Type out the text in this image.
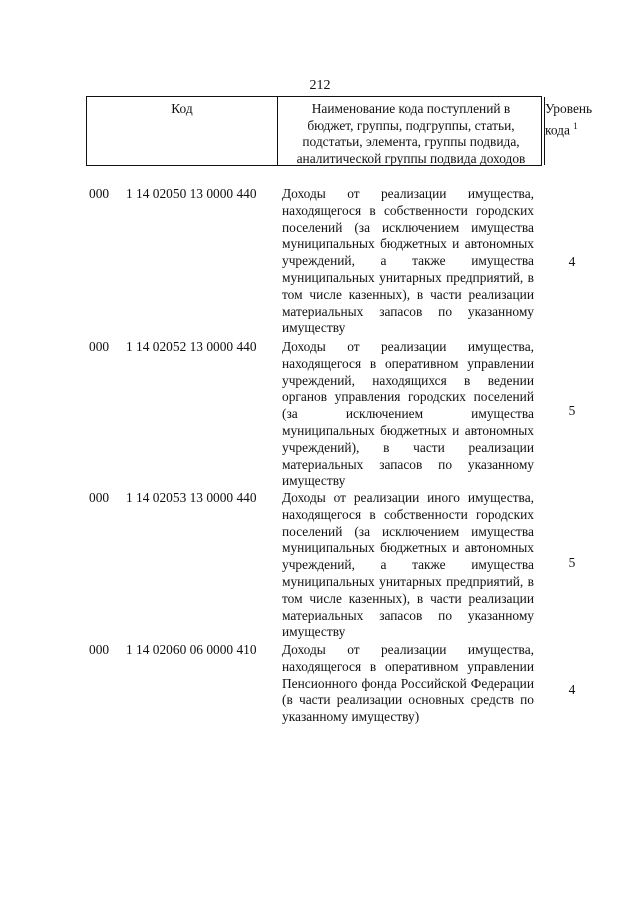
212
Код	Наименование кода поступлений в
бюджет, группы, подгруппы, статьи,
подстатьи, элемента, группы подвида,
аналитической группы подвида доходов
Уровень
кода $^1$
000 1 14 02050 13 0000 440 Доходы от реализации имущества, находящегося в собственности городских поселений (за исключением имущества муниципальных бюджетных и автономных учреждений, а также имущества муниципальных унитарных предприятий, в том числе казенных), в части реализации материальных запасов по указанному имуществу
4
000 1 14 02052 13 0000 440 Доходы от реализации имущества, находящегося в оперативном управлении учреждений, находящихся в ведении органов управления городских поселений (за исключением имущества муниципальных бюджетных и автономных учреждений), в части реализации материальных запасов по указанному имуществу
5
000 1 14 02053 13 0000 440 Доходы от реализации иного имущества, находящегося в собственности городских поселений (за исключением имущества муниципальных бюджетных и автономных учреждений, а также имущества муниципальных унитарных предприятий, в том числе казенных), в части реализации материальных запасов по указанному имуществу
5
000 1 14 02060 06 0000 410 Доходы от реализации имущества, находящегося в оперативном управлении Пенсионного фонда Российской Федерации (в части реализации основных средств по указанному имуществу)
4
